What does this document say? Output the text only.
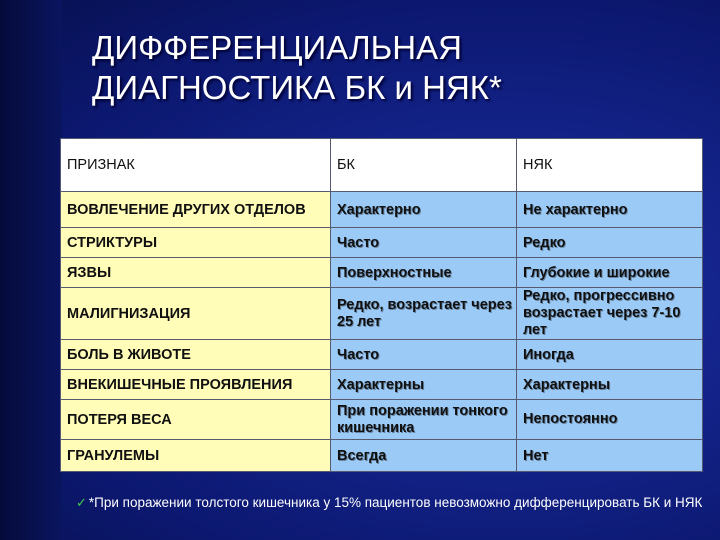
ДИФФЕРЕНЦИАЛЬНАЯ
ДИАГНОСТИКА БК и НЯК*
ПРИЗНАК	БК	НЯК
ВОВЛЕЧЕНИЕ ДРУГИХ ОТДЕЛОВ	Характерно	Не характерно
СТРИКТУРЫ	Часто	Редко
ЯЗВЫ	Поверхностные	Глубокие и широкие
МАЛИГНИЗАЦИЯ	Редко, возрастает через 25 лет	Редко, прогрессивно возрастает через 7-10 лет
БОЛЬ В ЖИВОТЕ	Часто	Иногда
ВНЕКИШЕЧНЫЕ ПРОЯВЛЕНИЯ	Характерны	Характерны
ПОТЕРЯ ВЕСА	При поражении тонкого кишечника	Непостоянно
ГРАНУЛЕМЫ	Всегда	Нет
✓ *При поражении толстого кишечника у 15% пациентов невозможно дифференцировать БК и НЯК
